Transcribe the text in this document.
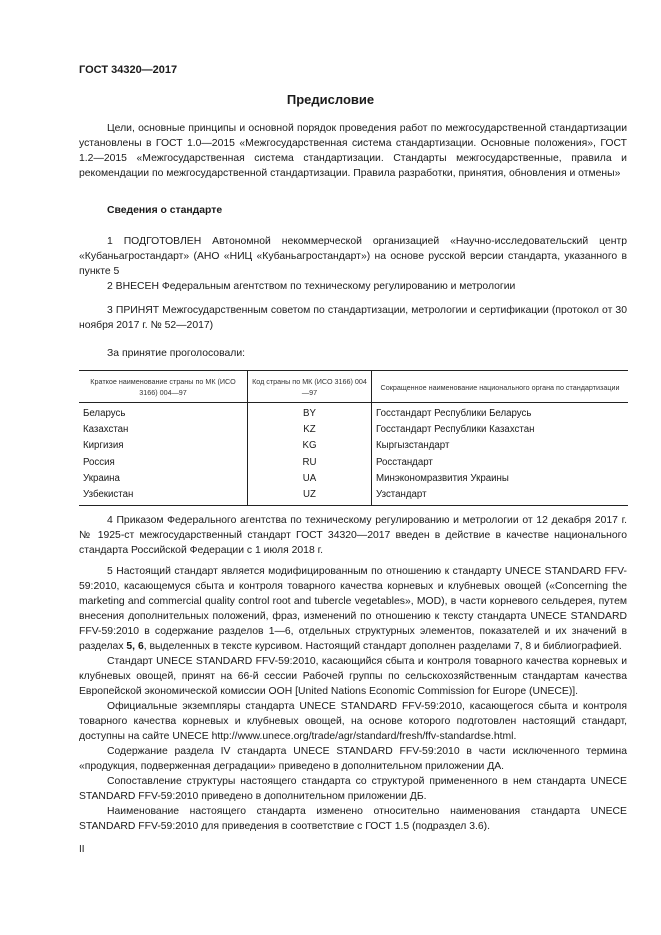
ГОСТ 34320—2017
Предисловие

Цели, основные принципы и основной порядок проведения работ по межгосударственной стандартизации установлены в ГОСТ 1.0—2015 «Межгосударственная система стандартизации. Основные положения», ГОСТ 1.2—2015 «Межгосударственная система стандартизации. Стандарты межгосударственные, правила и рекомендации по межгосударственной стандартизации. Правила разработки, принятия, обновления и отмены»

Сведения о стандарте

1 ПОДГОТОВЛЕН Автономной некоммерческой организацией «Научно-исследовательский центр «Кубаньагростандарт» (АНО «НИЦ «Кубаньагростандарт») на основе русской версии стандарта, указанного в пункте 5

2 ВНЕСЕН Федеральным агентством по техническому регулированию и метрологии

3 ПРИНЯТ Межгосударственным советом по стандартизации, метрологии и сертификации (протокол от 30 ноября 2017 г. № 52—2017)

За принятие проголосовали:
Краткое наименование страны по МК (ИСО 3166) 004—97	Код страны по МК (ИСО 3166) 004—97	Сокращенное наименование национального органа по стандартизации
Беларусь	BY	Госстандарт Республики Беларусь
Казахстан	KZ	Госстандарт Республики Казахстан
Киргизия	KG	Кыргызстандарт
Россия	RU	Росстандарт
Украина	UA	Минэкономразвития Украины
Узбекистан	UZ	Узстандарт

4 Приказом Федерального агентства по техническому регулированию и метрологии от 12 декабря 2017 г. № 1925-ст межгосударственный стандарт ГОСТ 34320—2017 введен в действие в качестве национального стандарта Российской Федерации с 1 июля 2018 г.

5 Настоящий стандарт является модифицированным по отношению к стандарту UNECE STANDARD FFV-59:2010, касающемуся сбыта и контроля товарного качества корневых и клубневых овощей («Concerning the marketing and commercial quality control root and tubercle vegetables», MOD), в части корневого сельдерея, путем внесения дополнительных положений, фраз, изменений по отношению к тексту стандарта UNECE STANDARD FFV-59:2010 в содержание разделов 1—6, отдельных структурных элементов, показателей и их значений в разделах 5, 6, выделенных в тексте курсивом. Настоящий стандарт дополнен разделами 7, 8 и библиографией.

Стандарт UNECE STANDARD FFV-59:2010, касающийся сбыта и контроля товарного качества корневых и клубневых овощей, принят на 66-й сессии Рабочей группы по сельскохозяйственным стандартам качества Европейской экономической комиссии ООН [United Nations Economic Commission for Europe (UNECE)].

Официальные экземпляры стандарта UNECE STANDARD FFV-59:2010, касающегося сбыта и контроля товарного качества корневых и клубневых овощей, на основе которого подготовлен настоящий стандарт, доступны на сайте UNECE http://www.unece.org/trade/agr/standard/fresh/ffv-standardse.html.

Содержание раздела IV стандарта UNECE STANDARD FFV-59:2010 в части исключенного термина «продукция, подверженная деградации» приведено в дополнительном приложении ДА.

Сопоставление структуры настоящего стандарта со структурой примененного в нем стандарта UNECE STANDARD FFV-59:2010 приведено в дополнительном приложении ДБ.

Наименование настоящего стандарта изменено относительно наименования стандарта UNECE STANDARD FFV-59:2010 для приведения в соответствие с ГОСТ 1.5 (подраздел 3.6).

II
